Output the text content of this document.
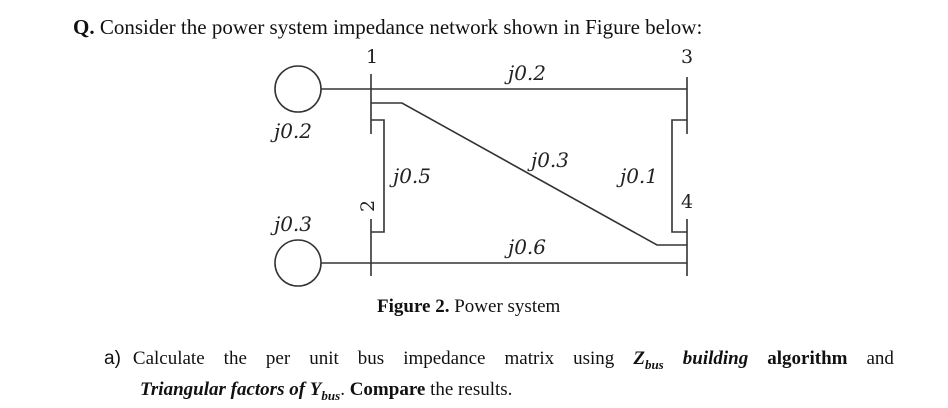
Q. Consider the power system impedance network shown in Figure below:
1	3
2	4
j0.2
j0.3
j0.2
j0.5
j0.3
j0.1
j0.6
Figure 2. Power system
a) Calculate the per unit bus impedance matrix using $Z_{bus}$ building algorithm and
Triangular factors of $Y_{bus}$. Compare the results.
